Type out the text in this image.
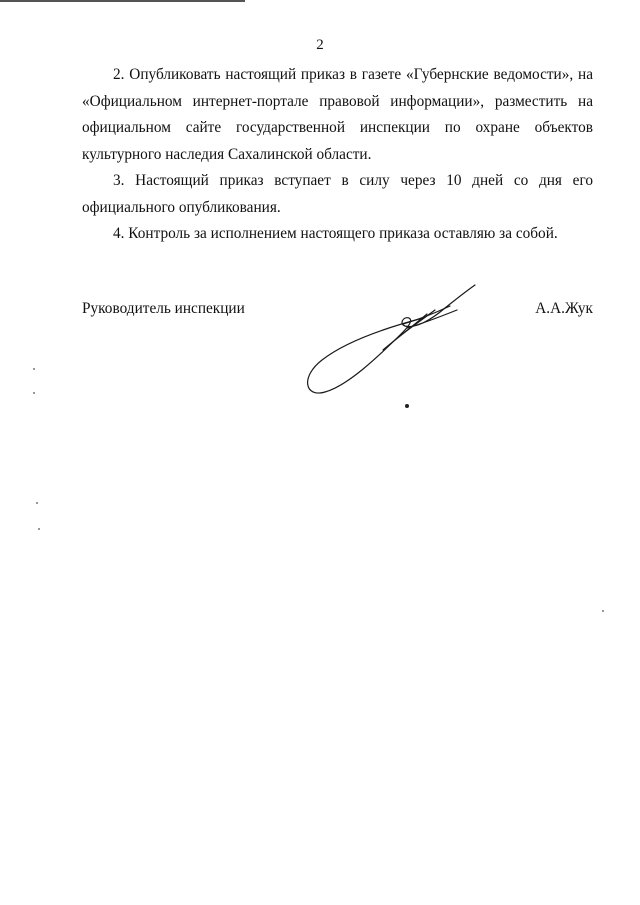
2

2. Опубликовать настоящий приказ в газете «Губернские ведомости», на «Официальном интернет-портале правовой информации», разместить на официальном сайте государственной инспекции по охране объектов культурного наследия Сахалинской области.

3. Настоящий приказ вступает в силу через 10 дней со дня его официального опубликования.

4. Контроль за исполнением настоящего приказа оставляю за собой.

Руководитель инспекции	А.А.Жук
